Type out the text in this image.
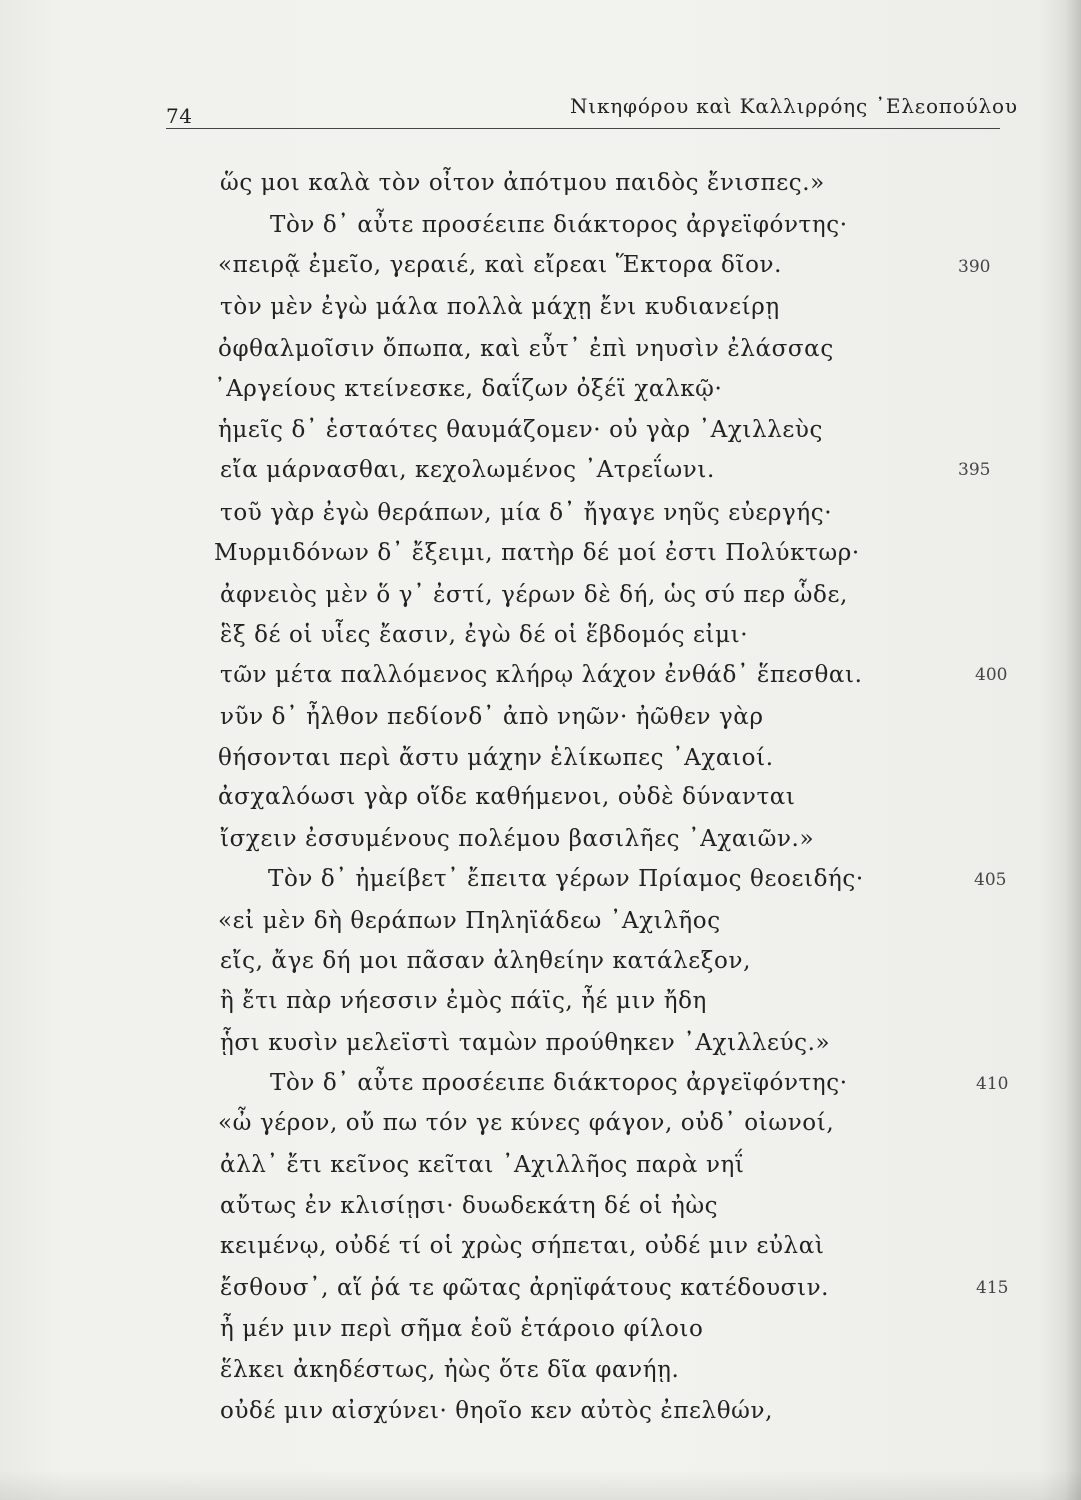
74	Νικηφόρου καὶ Καλλιρρόης ᾿Ελεοπούλου
ὥς μοι καλὰ τὸν οἶτον ἀπότμου παιδὸς ἔνισπες.»
Τὸν δ᾿ αὖτε προσέειπε διάκτορος ἀργεϊφόντης·
«πειρᾷ ἐμεῖο, γεραιέ, καὶ εἴρεαι Ἕκτορα δῖον.	390
τὸν μὲν ἐγὼ μάλα πολλὰ μάχῃ ἔνι κυδιανείρῃ
ὀφθαλμοῖσιν ὄπωπα, καὶ εὖτ᾿ ἐπὶ νηυσὶν ἐλάσσας
᾿Αργείους κτείνεσκε, δαΐζων ὀξέϊ χαλκῷ·
ἡμεῖς δ᾿ ἑσταότες θαυμάζομεν· οὐ γὰρ ᾿Αχιλλεὺς
εἴα μάρνασθαι, κεχολωμένος ᾿Ατρεΐωνι.	395
τοῦ γὰρ ἐγὼ θεράπων, μία δ᾿ ἤγαγε νηῦς εὐεργής·
Μυρμιδόνων δ᾿ ἔξειμι, πατὴρ δέ μοί ἐστι Πολύκτωρ·
ἀφνειὸς μὲν ὅ γ᾿ ἐστί, γέρων δὲ δή, ὡς σύ περ ὧδε,
ἓξ δέ οἱ υἷες ἔασιν, ἐγὼ δέ οἱ ἕβδομός εἰμι·
τῶν μέτα παλλόμενος κλήρῳ λάχον ἐνθάδ᾿ ἕπεσθαι.	400
νῦν δ᾿ ἦλθον πεδίονδ᾿ ἀπὸ νηῶν· ἠῶθεν γὰρ
θήσονται περὶ ἄστυ μάχην ἑλίκωπες ᾿Αχαιοί.
ἀσχαλόωσι γὰρ οἵδε καθήμενοι, οὐδὲ δύνανται
ἴσχειν ἐσσυμένους πολέμου βασιλῆες ᾿Αχαιῶν.»
Τὸν δ᾿ ἠμείβετ᾿ ἔπειτα γέρων Πρίαμος θεοειδής·	405
«εἰ μὲν δὴ θεράπων Πηληϊάδεω ᾿Αχιλῆος
εἴς, ἄγε δή μοι πᾶσαν ἀληθείην κατάλεξον,
ἢ ἔτι πὰρ νήεσσιν ἐμὸς πάϊς, ἦέ μιν ἤδη
ᾗσι κυσὶν μελεϊστὶ ταμὼν προύθηκεν ᾿Αχιλλεύς.»
Τὸν δ᾿ αὖτε προσέειπε διάκτορος ἀργεϊφόντης·	410
«ὦ γέρον, οὔ πω τόν γε κύνες φάγον, οὐδ᾿ οἰωνοί,
ἀλλ᾿ ἔτι κεῖνος κεῖται ᾿Αχιλλῆος παρὰ νηΐ
αὔτως ἐν κλισίῃσι· δυωδεκάτη δέ οἱ ἠὼς
κειμένῳ, οὐδέ τί οἱ χρὼς σήπεται, οὐδέ μιν εὐλαὶ
ἔσθουσ᾿, αἵ ῥά τε φῶτας ἀρηϊφάτους κατέδουσιν.	415
ἦ μέν μιν περὶ σῆμα ἑοῦ ἑτάροιο φίλοιο
ἕλκει ἀκηδέστως, ἠὼς ὅτε δῖα φανήῃ.
οὐδέ μιν αἰσχύνει· θηοῖο κεν αὐτὸς ἐπελθών,
